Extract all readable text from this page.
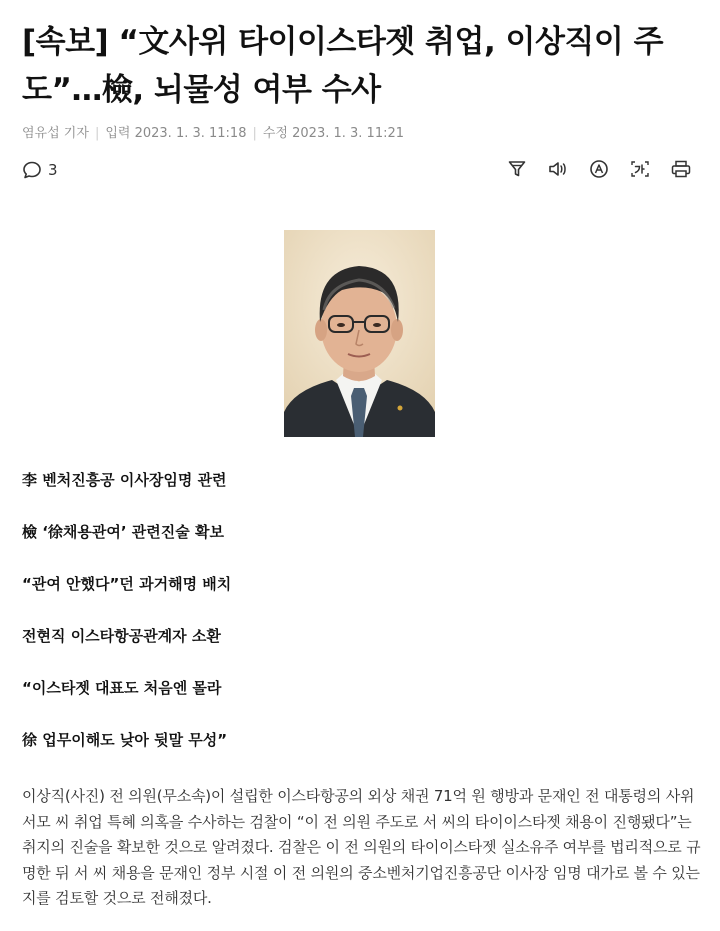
[속보] “文사위 타이이스타젯 취업, 이상직이 주도”…檢, 뇌물성 여부 수사
염유섭 기자 | 입력 2023. 1. 3. 11:18 | 수정 2023. 1. 3. 11:21
3
李 벤처진흥공 이사장임명 관련
檢 ‘徐채용관여’ 관련진술 확보
“관여 안했다”던 과거해명 배치
전현직 이스타항공관계자 소환
“이스타젯 대표도 처음엔 몰라
徐 업무이해도 낮아 뒷말 무성”

이상직(사진) 전 의원(무소속)이 설립한 이스타항공의 외상 채권 71억 원 행방과 문재인 전 대통령의 사위 서모 씨 취업 특혜 의혹을 수사하는 검찰이 “이 전 의원 주도로 서 씨의 타이이스타젯 채용이 진행됐다”는 취지의 진술을 확보한 것으로 알려졌다. 검찰은 이 전 의원의 타이이스타젯 실소유주 여부를 법리적으로 규명한 뒤 서 씨 채용을 문재인 정부 시절 이 전 의원의 중소벤처기업진흥공단 이사장 임명 대가로 볼 수 있는지를 검토할 것으로 전해졌다.
